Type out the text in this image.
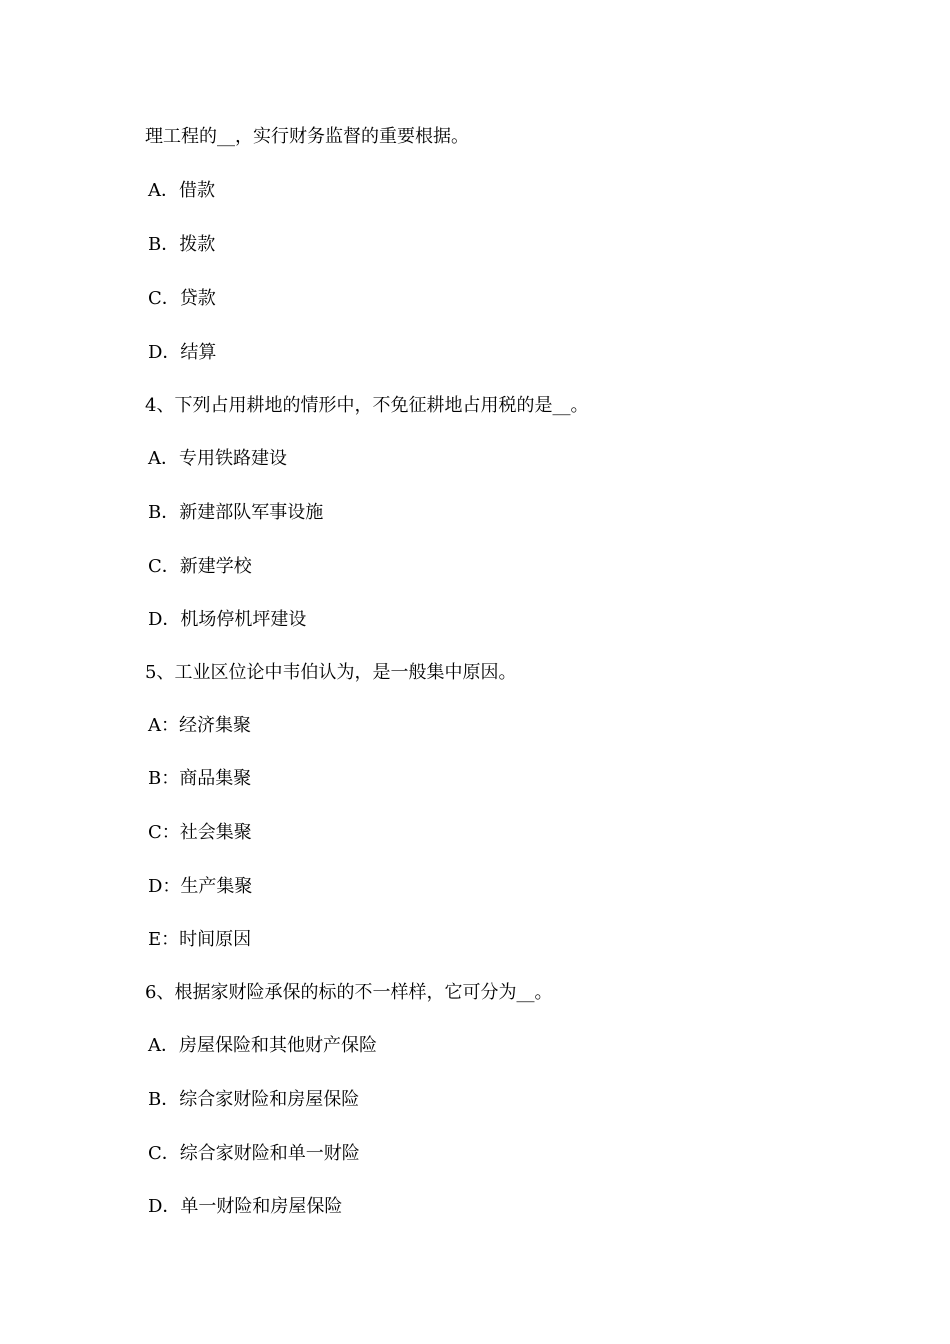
理工程的__，实行财务监督的重要根据。
A．借款
B．拨款
C．贷款
D．结算
4、下列占用耕地的情形中，不免征耕地占用税的是__。
A．专用铁路建设
B．新建部队军事设施
C．新建学校
D．机场停机坪建设
5、工业区位论中韦伯认为，是一般集中原因。
A：经济集聚
B：商品集聚
C：社会集聚
D：生产集聚
E：时间原因
6、根据家财险承保的标的不一样样，它可分为__。
A．房屋保险和其他财产保险
B．综合家财险和房屋保险
C．综合家财险和单一财险
D．单一财险和房屋保险
